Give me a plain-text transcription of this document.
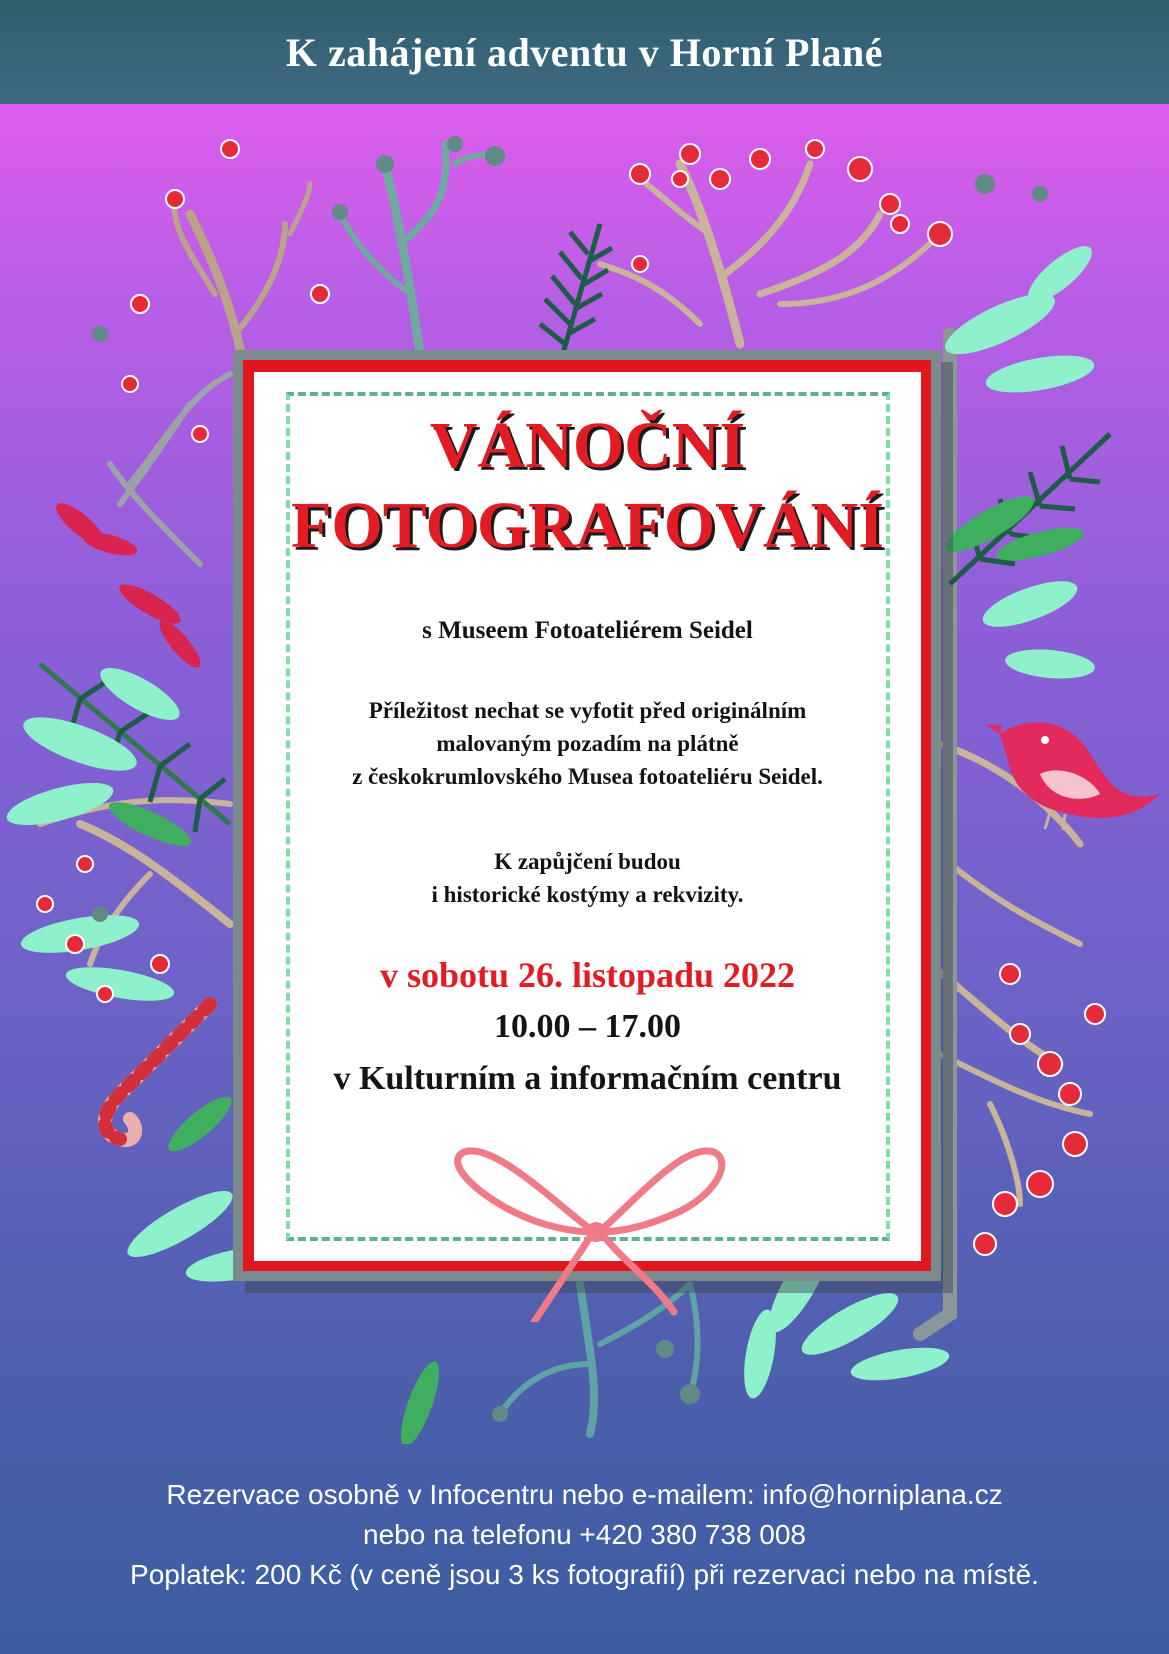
K zahájení adventu v Horní Plané
VÁNOČNÍ
FOTOGRAFOVÁNÍ
s Museem Fotoateliérem Seidel
Příležitost nechat se vyfotit před originálním
malovaným pozadím na plátně
z českokrumlovského Musea fotoateliéru Seidel.
K zapůjčení budou
i historické kostýmy a rekvizity.
v sobotu 26. listopadu 2022
10.00 – 17.00
v Kulturním a informačním centru
Rezervace osobně v Infocentru nebo e-mailem: info@horniplana.cz
nebo na telefonu +420 380 738 008
Poplatek: 200 Kč (v ceně jsou 3 ks fotografií) při rezervaci nebo na místě.
